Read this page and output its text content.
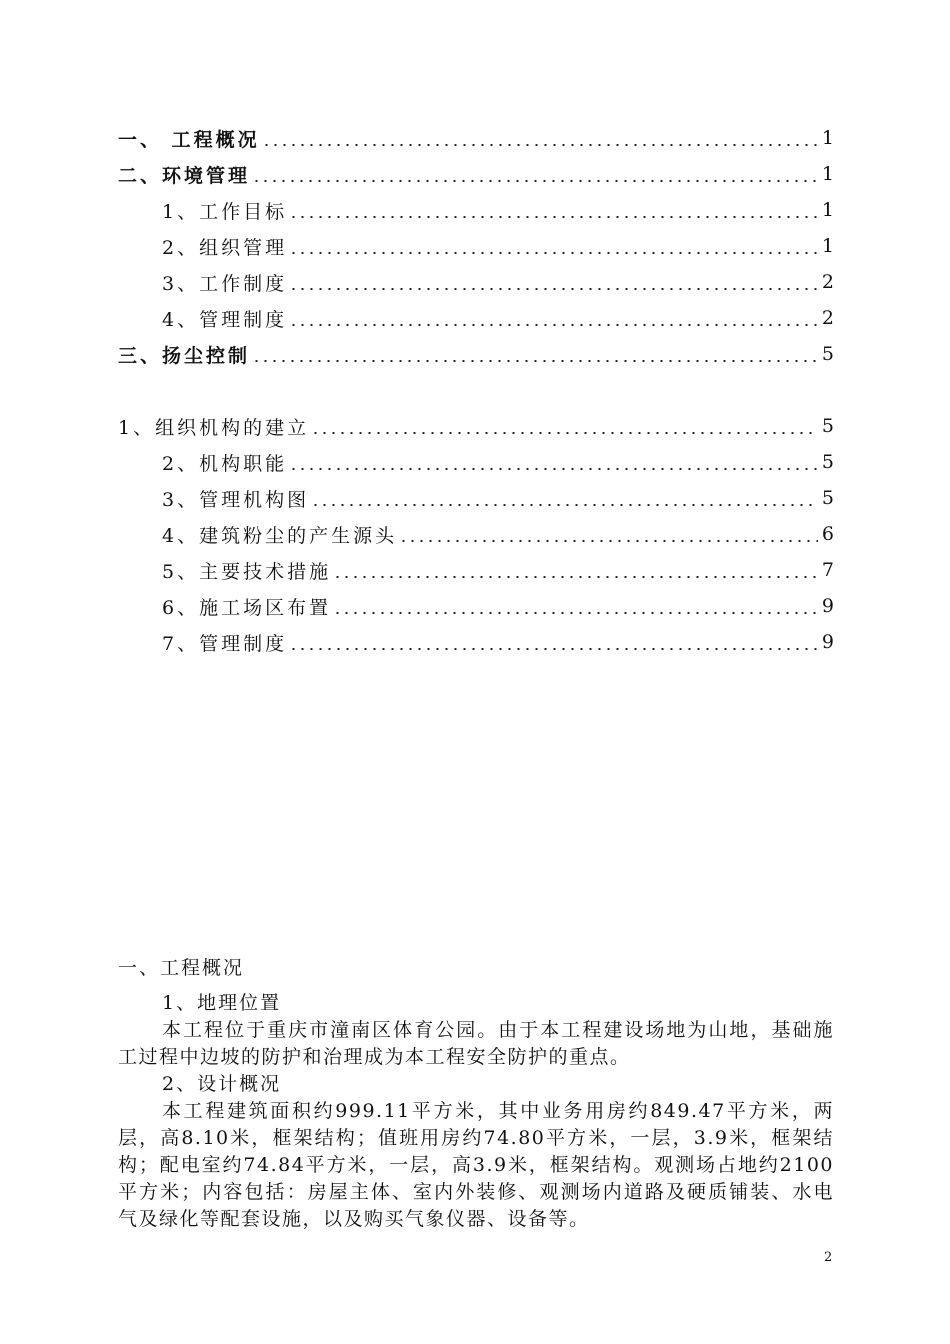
一、 工程概况	1
二、环境管理	1
1、工作目标	1
2、组织管理	1
3、工作制度	2
4、管理制度	2
三、扬尘控制	5
1、组织机构的建立	5
2、机构职能	5
3、管理机构图	5
4、建筑粉尘的产生源头	6
5、主要技术措施	7
6、施工场区布置	9
7、管理制度	9

一、工程概况

1、地理位置

本工程位于重庆市潼南区体育公园。由于本工程建设场地为山地，基础施工过程中边坡的防护和治理成为本工程安全防护的重点。

2、设计概况

本工程建筑面积约999.11平方米，其中业务用房约849.47平方米，两层，高8.10米，框架结构；值班用房约74.80平方米，一层，3.9米，框架结构；配电室约74.84平方米，一层，高3.9米，框架结构。观测场占地约2100平方米；内容包括：房屋主体、室内外装修、观测场内道路及硬质铺装、水电气及绿化等配套设施，以及购买气象仪器、设备等。

2
